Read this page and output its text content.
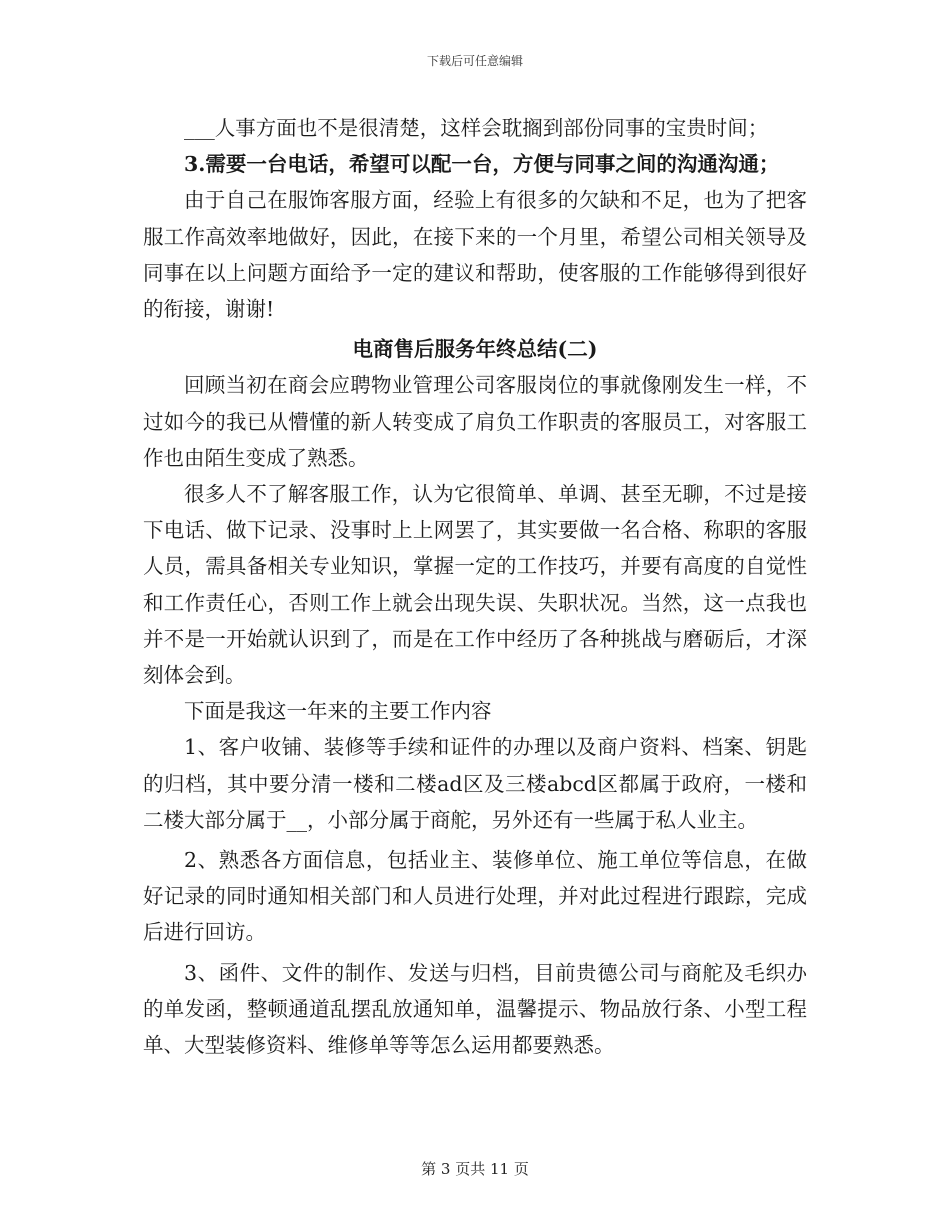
下载后可任意编辑

___人事方面也不是很清楚，这样会耽搁到部份同事的宝贵时间；

3.需要一台电话，希望可以配一台，方便与同事之间的沟通沟通；

由于自己在服饰客服方面，经验上有很多的欠缺和不足，也为了把客服工作高效率地做好，因此，在接下来的一个月里，希望公司相关领导及同事在以上问题方面给予一定的建议和帮助，使客服的工作能够得到很好的衔接，谢谢!

电商售后服务年终总结(二)

回顾当初在商会应聘物业管理公司客服岗位的事就像刚发生一样，不过如今的我已从懵懂的新人转变成了肩负工作职责的客服员工，对客服工作也由陌生变成了熟悉。

很多人不了解客服工作，认为它很简单、单调、甚至无聊，不过是接下电话、做下记录、没事时上上网罢了，其实要做一名合格、称职的客服人员，需具备相关专业知识，掌握一定的工作技巧，并要有高度的自觉性和工作责任心，否则工作上就会出现失误、失职状况。当然，这一点我也并不是一开始就认识到了，而是在工作中经历了各种挑战与磨砺后，才深刻体会到。

下面是我这一年来的主要工作内容

1、客户收铺、装修等手续和证件的办理以及商户资料、档案、钥匙的归档，其中要分清一楼和二楼ad区及三楼abcd区都属于政府，一楼和二楼大部分属于__，小部分属于商舵，另外还有一些属于私人业主。

2、熟悉各方面信息，包括业主、装修单位、施工单位等信息，在做好记录的同时通知相关部门和人员进行处理，并对此过程进行跟踪，完成后进行回访。

3、函件、文件的制作、发送与归档，目前贵德公司与商舵及毛织办的单发函，整顿通道乱摆乱放通知单，温馨提示、物品放行条、小型工程单、大型装修资料、维修单等等怎么运用都要熟悉。

第 3 页共 11 页
